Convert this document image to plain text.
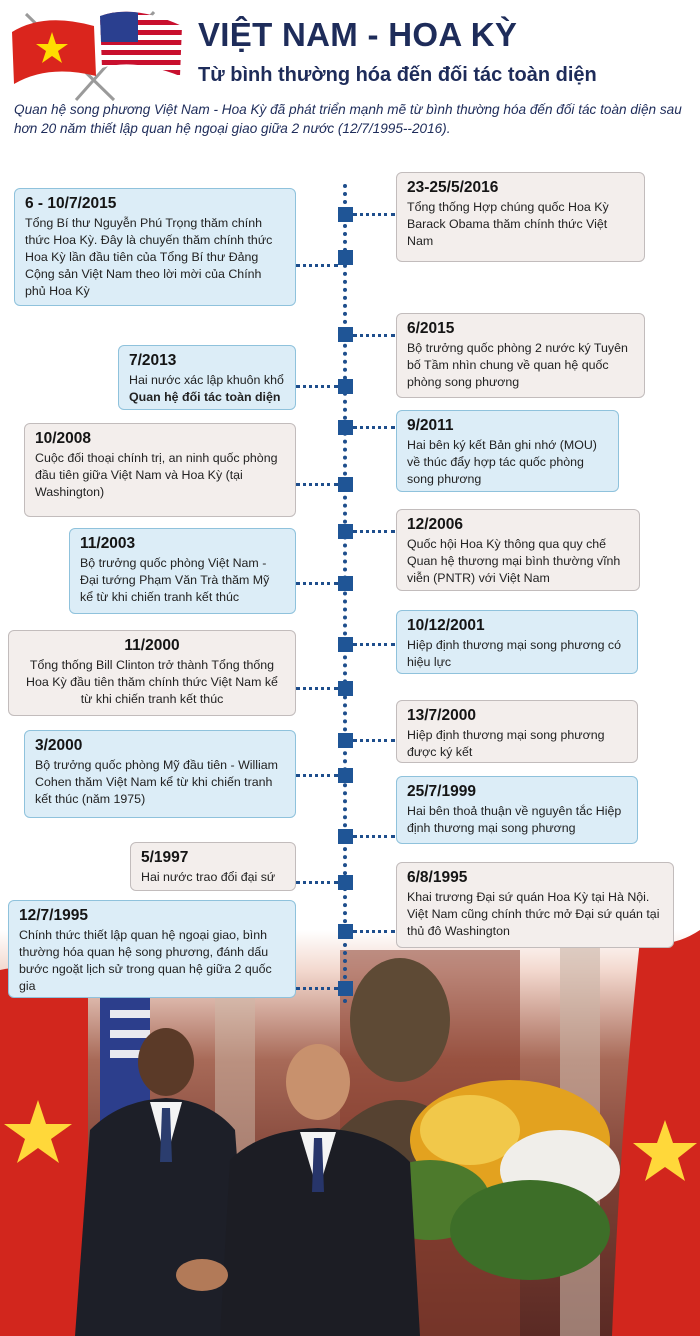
VIỆT NAM - HOA KỲ
Từ bình thường hóa đến đối tác toàn diện

Quan hệ song phương Việt Nam - Hoa Kỳ đã phát triển mạnh mẽ từ bình thường hóa đến đối tác toàn diện sau hơn 20 năm thiết lập quan hệ ngoại giao giữa 2 nước (12/7/1995--2016).

23-25/5/2016
Tổng thống Hợp chúng quốc Hoa Kỳ Barack Obama thăm chính thức Việt Nam
6/2015
Bộ trưởng quốc phòng 2 nước ký Tuyên bố Tầm nhìn chung về quan hệ quốc phòng song phương
9/2011
Hai bên ký kết Bản ghi nhớ (MOU) về thúc đẩy hợp tác quốc phòng song phương
12/2006
Quốc hội Hoa Kỳ thông qua quy chế Quan hệ thương mại bình thường vĩnh viễn (PNTR) với Việt Nam
10/12/2001
Hiệp định thương mại song phương có hiệu lực
13/7/2000
Hiệp định thương mại song phương được ký kết
25/7/1999
Hai bên thoả thuận về nguyên tắc Hiệp định thương mại song phương
6/8/1995
Khai trương Đại sứ quán Hoa Kỳ tại Hà Nội. Việt Nam cũng chính thức mở Đại sứ quán tại thủ đô Washington
6 - 10/7/2015
Tổng Bí thư Nguyễn Phú Trọng thăm chính thức Hoa Kỳ. Đây là chuyến thăm chính thức Hoa Kỳ lần đầu tiên của Tổng Bí thư Đảng Cộng sản Việt Nam theo lời mời của Chính phủ Hoa Kỳ
7/2013
Hai nước xác lập khuôn khổ
Quan hệ đối tác toàn diện
10/2008
Cuộc đối thoại chính trị, an ninh quốc phòng đầu tiên giữa Việt Nam và Hoa Kỳ (tại Washington)
11/2003
Bộ trưởng quốc phòng Việt Nam - Đại tướng Phạm Văn Trà thăm Mỹ kể từ khi chiến tranh kết thúc
11/2000
Tổng thống Bill Clinton trở thành Tổng thống Hoa Kỳ đầu tiên thăm chính thức Việt Nam kể từ khi chiến tranh kết thúc
3/2000
Bộ trưởng quốc phòng Mỹ đầu tiên - William Cohen thăm Việt Nam kể từ khi chiến tranh kết thúc (năm 1975)
5/1997
Hai nước trao đổi đại sứ
12/7/1995
Chính thức thiết lập quan hệ ngoại giao, bình thường hóa quan hệ song phương, đánh dấu bước ngoặt lịch sử trong quan hệ giữa 2 quốc gia
